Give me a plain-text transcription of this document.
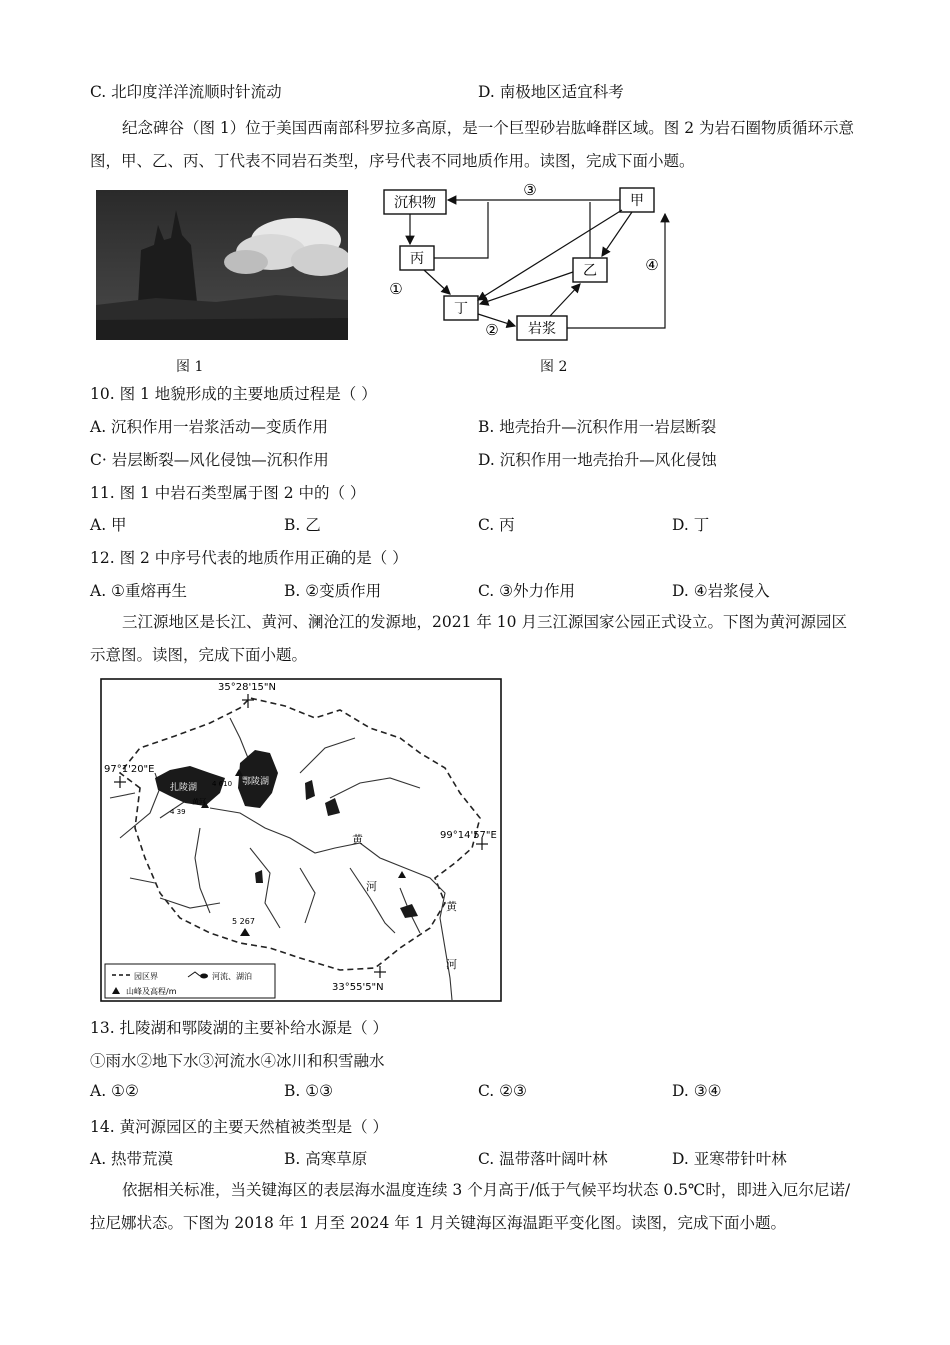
C. 北印度洋洋流顺时针流动	D. 南极地区适宜科考
纪念碑谷（图 1）位于美国西南部科罗拉多高原，是一个巨型砂岩肱峰群区域。图 2 为岩石圈物质循环示意图，甲、乙、丙、丁代表不同岩石类型，序号代表不同地质作用。读图，完成下面小题。
图 1
沉积物	甲
丙
乙
丁
岩浆
③
①
②
④
图 2
10. 图 1 地貌形成的主要地质过程是（ ）
A. 沉积作用一岩浆活动—变质作用	B. 地壳抬升—沉积作用一岩层断裂
C· 岩层断裂—风化侵蚀—沉积作用	D. 沉积作用一地壳抬升—风化侵蚀
11. 图 1 中岩石类型属于图 2 中的（ ）
A. 甲	B. 乙	C. 丙	D. 丁
12. 图 2 中序号代表的地质作用正确的是（ ）
A. ①重熔再生	B. ②变质作用	C. ③外力作用	D. ④岩浆侵入
三江源地区是长江、黄河、澜沧江的发源地，2021 年 10 月三江源国家公园正式设立。下图为黄河源园区示意图。读图，完成下面小题。
扎陵湖
鄂陵湖
4 610
4 39
5 267
35°28'15"N
97°1'20"E
99°14'57"E
33°55'5"N
黄
河
黄
河
黄河
园区界	河流、湖泊
山峰及高程/m
13. 扎陵湖和鄂陵湖的主要补给水源是（ ）
①雨水②地下水③河流水④冰川和积雪融水
A. ①②	B. ①③	C. ②③	D. ③④
14. 黄河源园区的主要天然植被类型是（ ）
A. 热带荒漠	B. 高寒草原	C. 温带落叶阔叶林	D. 亚寒带针叶林
依据相关标准，当关键海区的表层海水温度连续 3 个月高于/低于气候平均状态 0.5℃时，即进入厄尔尼诺/拉尼娜状态。下图为 2018 年 1 月至 2024 年 1 月关键海区海温距平变化图。读图，完成下面小题。
